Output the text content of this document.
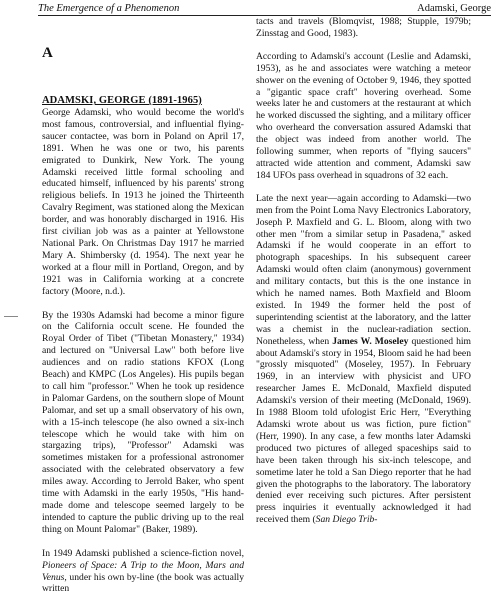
The Emergence of a Phenomenon	Adamski, George
A
ADAMSKI, GEORGE (1891-1965)

George Adamski, who would become the world's most famous, controversial, and influential flying-saucer contactee, was born in Poland on April 17, 1891. When he was one or two, his parents emigrated to Dunkirk, New York. The young Adamski received little formal schooling and educated himself, influenced by his parents' strong religious beliefs. In 1913 he joined the Thirteenth Cavalry Regiment, was stationed along the Mexican border, and was honorably discharged in 1916. His first civilian job was as a painter at Yellowstone National Park. On Christmas Day 1917 he married Mary A. Shimbersky (d. 1954). The next year he worked at a flour mill in Portland, Oregon, and by 1921 was in California working at a concrete factory (Moore, n.d.).

By the 1930s Adamski had become a minor figure on the California occult scene. He founded the Royal Order of Tibet ("Tibetan Monastery," 1934) and lectured on "Universal Law" both before live audiences and on radio stations KFOX (Long Beach) and KMPC (Los Angeles). His pupils began to call him "professor." When he took up residence in Palomar Gardens, on the southern slope of Mount Palomar, and set up a small observatory of his own, with a 15-inch telescope (he also owned a six-inch telescope which he would take with him on stargazing trips), "Professor" Adamski was sometimes mistaken for a professional astronomer associated with the celebrated observatory a few miles away. According to Jerrold Baker, who spent time with Adamski in the early 1950s, "His hand-made dome and telescope seemed largely to be intended to capture the public driving up to the real thing on Mount Palomar" (Baker, 1989).

In 1949 Adamski published a science-fiction novel, Pioneers of Space: A Trip to the Moon, Mars and Venus, under his own by-line (the book was actually written

tacts and travels (Blomqvist, 1988; Stupple, 1979b; Zinsstag and Good, 1983).

According to Adamski's account (Leslie and Adamski, 1953), as he and associates were watching a meteor shower on the evening of October 9, 1946, they spotted a "gigantic space craft" hovering overhead. Some weeks later he and customers at the restaurant at which he worked discussed the sighting, and a military officer who overheard the conversation assured Adamski that the object was indeed from another world. The following summer, when reports of "flying saucers" attracted wide attention and comment, Adamski saw 184 UFOs pass overhead in squadrons of 32 each.

Late the next year—again according to Adamski—two men from the Point Loma Navy Electronics Laboratory, Joseph P. Maxfield and G. L. Bloom, along with two other men "from a similar setup in Pasadena," asked Adamski if he would cooperate in an effort to photograph spaceships. In his subsequent career Adamski would often claim (anonymous) government and military contacts, but this is the one instance in which he named names. Both Maxfield and Bloom existed. In 1949 the former held the post of superintending scientist at the laboratory, and the latter was a chemist in the nuclear-radiation section. Nonetheless, when James W. Moseley questioned him about Adamski's story in 1954, Bloom said he had been "grossly misquoted" (Moseley, 1957). In February 1969, in an interview with physicist and UFO researcher James E. McDonald, Maxfield disputed Adamski's version of their meeting (McDonald, 1969). In 1988 Bloom told ufologist Eric Herr, "Everything Adamski wrote about us was fiction, pure fiction" (Herr, 1990). In any case, a few months later Adamski produced two pictures of alleged spaceships said to have been taken through his six-inch telescope, and sometime later he told a San Diego reporter that he had given the photographs to the laboratory. The laboratory denied ever receiving such pictures. After persistent press inquiries it eventually acknowledged it had received them (San Diego Trib-
